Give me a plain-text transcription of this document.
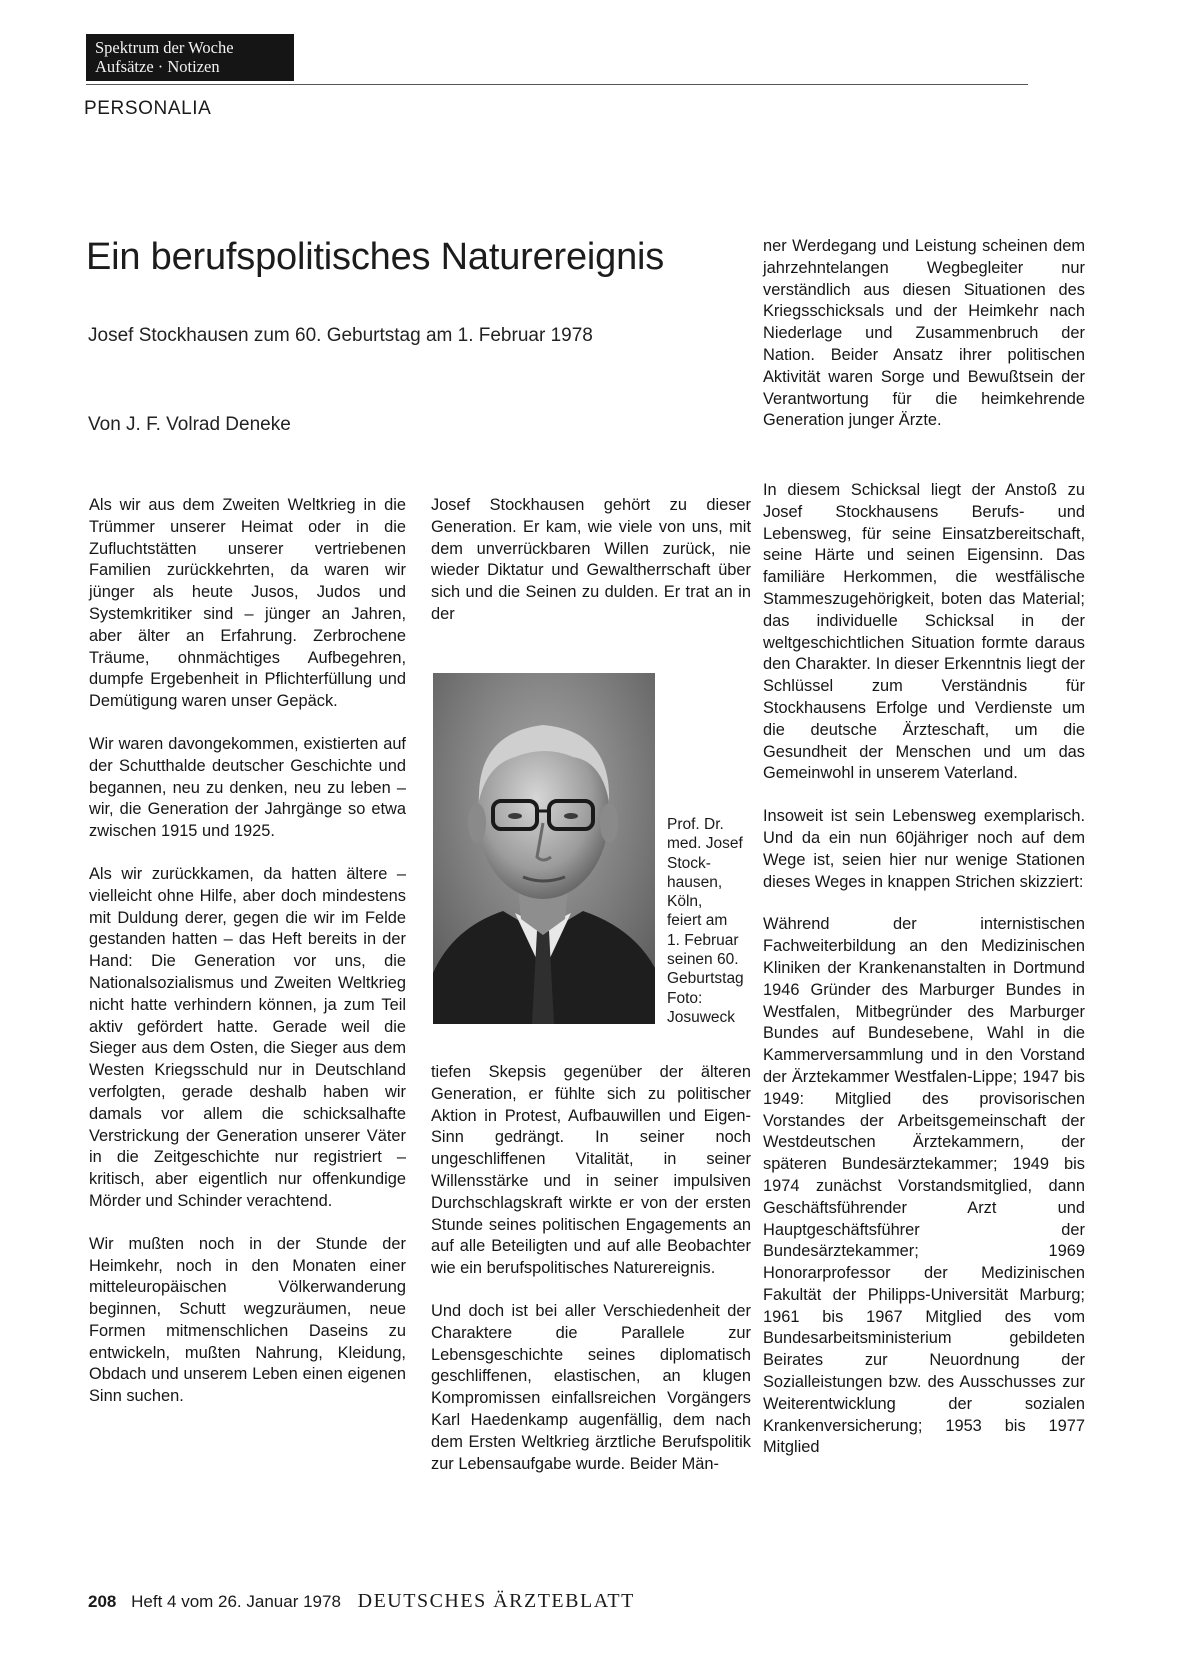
Spektrum der Woche
Aufsätze · Notizen
PERSONALIA
Ein berufspolitisches Naturereignis
Josef Stockhausen zum 60. Geburtstag am 1. Februar 1978
Von J. F. Volrad Deneke

Als wir aus dem Zweiten Weltkrieg in die Trümmer unserer Heimat oder in die Zufluchtstätten unserer vertriebenen Familien zurückkehrten, da waren wir jünger als heute Jusos, Judos und Systemkritiker sind – jünger an Jahren, aber älter an Erfahrung. Zerbrochene Träume, ohnmächtiges Aufbegehren, dumpfe Ergebenheit in Pflichterfüllung und Demütigung waren unser Gepäck.

Wir waren davongekommen, existierten auf der Schutthalde deutscher Geschichte und begannen, neu zu denken, neu zu leben – wir, die Generation der Jahrgänge so etwa zwischen 1915 und 1925.

Als wir zurückkamen, da hatten ältere – vielleicht ohne Hilfe, aber doch mindestens mit Duldung derer, gegen die wir im Felde gestanden hatten – das Heft bereits in der Hand: Die Generation vor uns, die Nationalsozialismus und Zweiten Weltkrieg nicht hatte verhindern können, ja zum Teil aktiv gefördert hatte. Gerade weil die Sieger aus dem Osten, die Sieger aus dem Westen Kriegsschuld nur in Deutschland verfolgten, gerade deshalb haben wir damals vor allem die schicksalhafte Verstrickung der Generation unserer Väter in die Zeitgeschichte nur registriert – kritisch, aber eigentlich nur offenkundige Mörder und Schinder verachtend.

Wir mußten noch in der Stunde der Heimkehr, noch in den Monaten einer mitteleuropäischen Völkerwanderung beginnen, Schutt wegzuräumen, neue Formen mitmenschlichen Daseins zu entwickeln, mußten Nahrung, Kleidung, Obdach und unserem Leben einen eigenen Sinn suchen.

Josef Stockhausen gehört zu dieser Generation. Er kam, wie viele von uns, mit dem unverrückbaren Willen zurück, nie wieder Diktatur und Gewaltherrschaft über sich und die Seinen zu dulden. Er trat an in der

Prof. Dr.
med. Josef
Stock-
hausen,
Köln,
feiert am
1. Februar
seinen 60.
Geburtstag
Foto:
Josuweck

tiefen Skepsis gegenüber der älteren Generation, er fühlte sich zu politischer Aktion in Protest, Aufbauwillen und Eigen-Sinn gedrängt. In seiner noch ungeschliffenen Vitalität, in seiner Willensstärke und in seiner impulsiven Durchschlagskraft wirkte er von der ersten Stunde seines politischen Engagements an auf alle Beteiligten und auf alle Beobachter wie ein berufspolitisches Naturereignis.

Und doch ist bei aller Verschiedenheit der Charaktere die Parallele zur Lebensgeschichte seines diplomatisch geschliffenen, elastischen, an klugen Kompromissen einfallsreichen Vorgängers Karl Haedenkamp augenfällig, dem nach dem Ersten Weltkrieg ärztliche Berufspolitik zur Lebensaufgabe wurde. Beider Män-

ner Werdegang und Leistung scheinen dem jahrzehntelangen Wegbegleiter nur verständlich aus diesen Situationen des Kriegsschicksals und der Heimkehr nach Niederlage und Zusammenbruch der Nation. Beider Ansatz ihrer politischen Aktivität waren Sorge und Bewußtsein der Verantwortung für die heimkehrende Generation junger Ärzte.

In diesem Schicksal liegt der Anstoß zu Josef Stockhausens Berufs- und Lebensweg, für seine Einsatzbereitschaft, seine Härte und seinen Eigensinn. Das familiäre Herkommen, die westfälische Stammeszugehörigkeit, boten das Material; das individuelle Schicksal in der weltgeschichtlichen Situation formte daraus den Charakter. In dieser Erkenntnis liegt der Schlüssel zum Verständnis für Stockhausens Erfolge und Verdienste um die deutsche Ärzteschaft, um die Gesundheit der Menschen und um das Gemeinwohl in unserem Vaterland.

Insoweit ist sein Lebensweg exemplarisch. Und da ein nun 60jähriger noch auf dem Wege ist, seien hier nur wenige Stationen dieses Weges in knappen Strichen skizziert:

Während der internistischen Fachweiterbildung an den Medizinischen Kliniken der Krankenanstalten in Dortmund 1946 Gründer des Marburger Bundes in Westfalen, Mitbegründer des Marburger Bundes auf Bundesebene, Wahl in die Kammerversammlung und in den Vorstand der Ärztekammer Westfalen-Lippe; 1947 bis 1949: Mitglied des provisorischen Vorstandes der Arbeitsgemeinschaft der Westdeutschen Ärztekammern, der späteren Bundesärztekammer; 1949 bis 1974 zunächst Vorstandsmitglied, dann Geschäftsführender Arzt und Hauptgeschäftsführer der Bundesärztekammer; 1969 Honorarprofessor der Medizinischen Fakultät der Philipps-Universität Marburg; 1961 bis 1967 Mitglied des vom Bundesarbeitsministerium gebildeten Beirates zur Neuordnung der Sozialleistungen bzw. des Ausschusses zur Weiterentwicklung der sozialen Krankenversicherung; 1953 bis 1977 Mitglied

208 Heft 4 vom 26. Januar 1978 DEUTSCHES ÄRZTEBLATT
